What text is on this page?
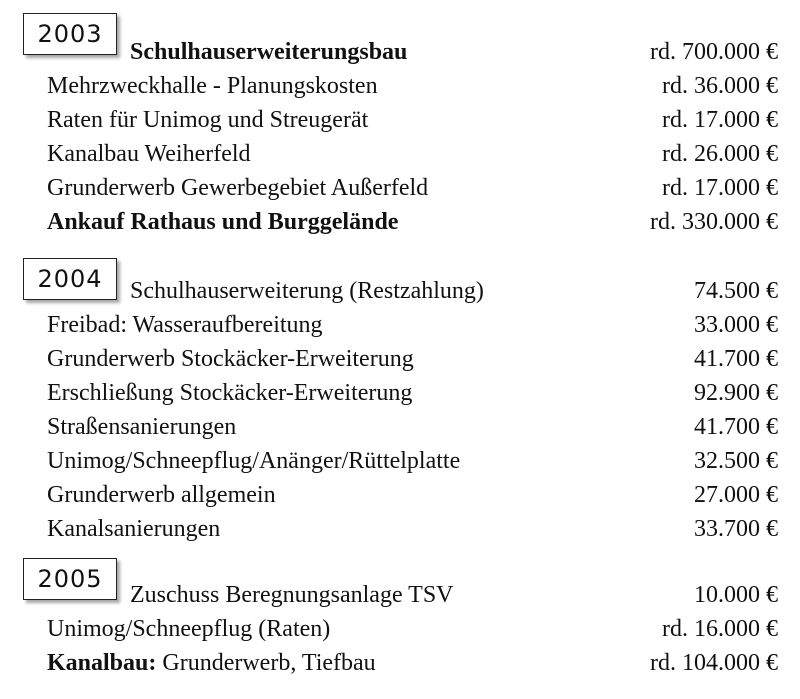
2003
Schulhauserweiterungsbau	rd. 700.000 €
Mehrzweckhalle - Planungskosten	rd. 36.000 €
Raten für Unimog und Streugerät	rd. 17.000 €
Kanalbau Weiherfeld	rd. 26.000 €
Grunderwerb Gewerbegebiet Außerfeld	rd. 17.000 €
Ankauf Rathaus und Burggelände	rd. 330.000 €
2004	Schulhauserweiterung (Restzahlung)	74.500 €
Freibad: Wasseraufbereitung	33.000 €
Grunderwerb Stockäcker-Erweiterung	41.700 €
Erschließung Stockäcker-Erweiterung	92.900 €
Straßensanierungen	41.700 €
Unimog/Schneepflug/Anänger/Rüttelplatte	32.500 €
Grunderwerb allgemein	27.000 €
Kanalsanierungen	33.700 €
2005
Zuschuss Beregnungsanlage TSV	10.000 €
Unimog/Schneepflug (Raten)	rd. 16.000 €
Kanalbau: Grunderwerb, Tiefbau	rd. 104.000 €
